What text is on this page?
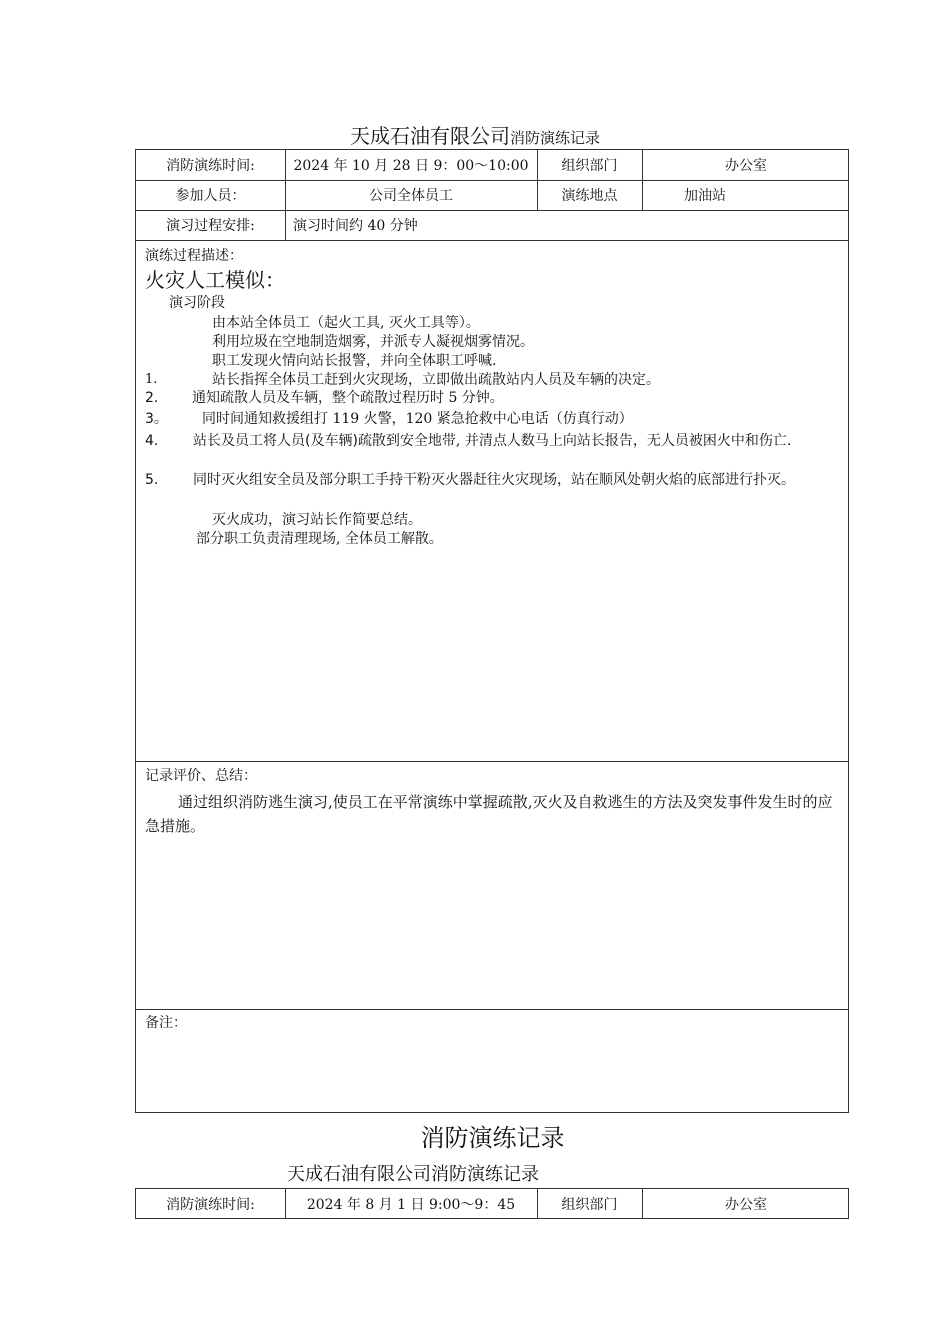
天成石油有限公司消防演练记录
消防演练时间:	2024 年 10 月 28 日 9：00～10:00	组织部门	办公室
参加人员：	公司全体员工	演练地点	加油站
演习过程安排:	演习时间约 40 分钟
演练过程描述：
火灾人工模似：
演习阶段
由本站全体员工（起火工具, 灭火工具等）。
利用垃圾在空地制造烟雾，并派专人凝视烟雾情况。
职工发现火情向站长报警，并向全体职工呼喊.
1.	站长指挥全体员工赶到火灾现场，立即做出疏散站内人员及车辆的决定。
2. 通知疏散人员及车辆，整个疏散过程历时 5 分钟。
3。 同时间通知救援组打 119 火警，120 紧急抢救中心电话（仿真行动）
4.	站长及员工将人员(及车辆)疏散到安全地带, 并清点人数马上向站长报告，无人员被困火中和伤亡.
5.	同时灭火组安全员及部分职工手持干粉灭火器赶往火灾现场，站在顺风处朝火焰的底部进行扑灭。
灭火成功，演习站长作简要总结。
部分职工负责清理现场, 全体员工解散。
记录评价、总结：
通过组织消防逃生演习,使员工在平常演练中掌握疏散,灭火及自救逃生的方法及突发事件发生时的应急措施。
备注：
消防演练记录
天成石油有限公司消防演练记录
消防演练时间:	2024 年 8 月 1 日 9:00～9：45	组织部门	办公室
